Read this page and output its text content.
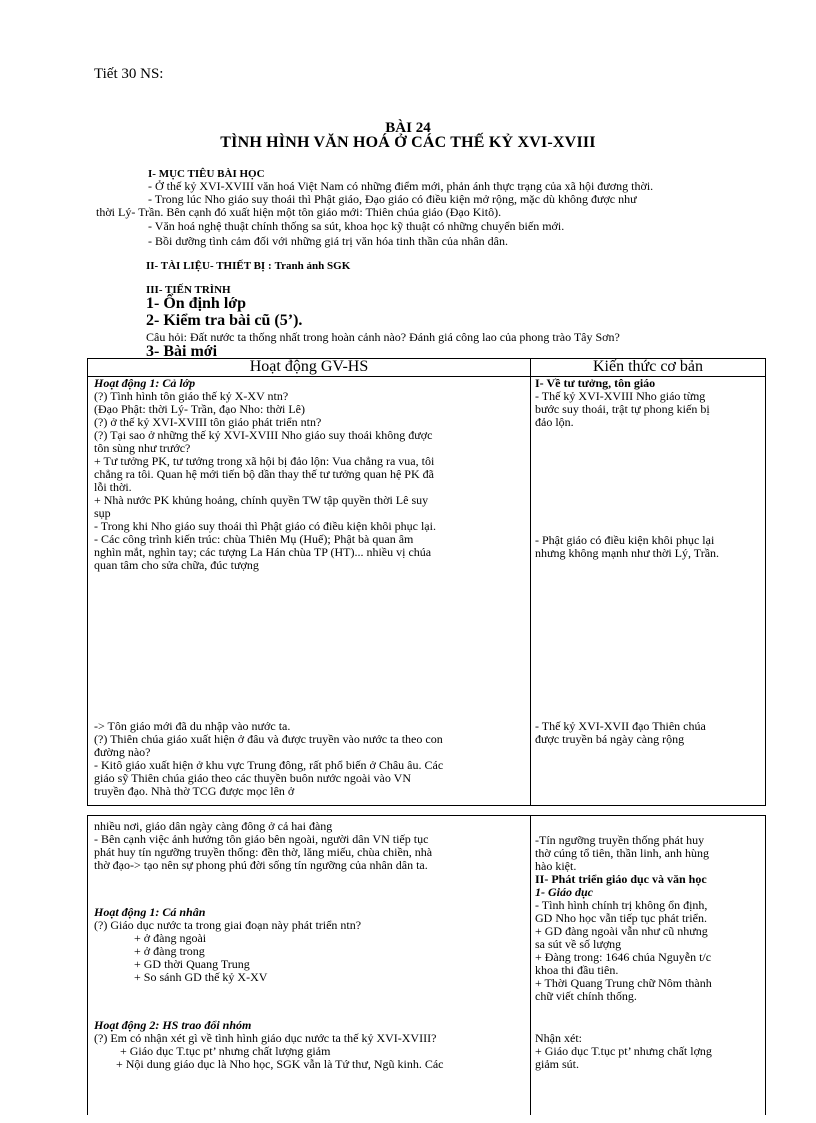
Tiết 30 NS:
BÀI 24
TÌNH HÌNH VĂN HOÁ Ở CÁC THẾ KỶ XVI-XVIII
I- MỤC TIÊU BÀI HỌC
- Ở thế kỷ XVI-XVIII văn hoá Việt Nam có những điểm mới, phản ánh thực trạng của xã hội đương thời.
- Trong lúc Nho giáo suy thoái thì Phật giáo, Đạo giáo có điều kiện mở rộng, mặc dù không được như
thời Lý- Trần. Bên cạnh đó xuất hiện một tôn giáo mới: Thiên chúa giáo (Đạo Kitô).
- Văn hoá nghệ thuật chính thống sa sút, khoa học kỹ thuật có những chuyển biến mới.
- Bồi dưỡng tình cảm đối với những giá trị văn hóa tinh thần của nhân dân.
II- TÀI LIỆU- THIẾT BỊ : Tranh ảnh SGK
III- TIẾN TRÌNH
1- Ổn định lớp
2- Kiểm tra bài cũ (5’).
Câu hỏi: Đất nước ta thống nhất trong hoàn cảnh nào? Đánh giá công lao của phong trào Tây Sơn?
3- Bài mới
Hoạt động GV-HS	Kiến thức cơ bản

Hoạt động 1: Cả lớp

(?) Tình hình tôn giáo thế kỷ X-XV ntn?

(Đạo Phật: thời Lý- Trần, đạo Nho: thời Lê)

(?) ở thế kỷ XVI-XVIII tôn giáo phát triển ntn?

(?) Tại sao ở những thế kỷ XVI-XVIII Nho giáo suy thoái không được

tôn sùng như trước?

+ Tư tưởng PK, tư tưởng trong xã hội bị đảo lộn: Vua chẳng ra vua, tôi

chẳng ra tôi. Quan hệ mới tiến bộ dần thay thế tư tưởng quan hệ PK đã

lỗi thời.

+ Nhà nước PK khủng hoảng, chính quyền TW tập quyền thời Lê suy

sụp

- Trong khi Nho giáo suy thoái thì Phật giáo có điều kiện khôi phục lại.

- Các công trình kiến trúc: chùa Thiên Mụ (Huế); Phật bà quan âm

nghìn mắt, nghìn tay; các tượng La Hán chùa TP (HT)... nhiều vị chúa

quan tâm cho sửa chữa, đúc tượng

-> Tôn giáo mới đã du nhập vào nước ta.

(?) Thiên chúa giáo xuất hiện ở đâu và được truyền vào nước ta theo con

đường nào?

- Kitô giáo xuất hiện ở khu vực Trung đông, rất phổ biến ở Châu âu. Các

giáo sỹ Thiên chúa giáo theo các thuyền buôn nước ngoài vào VN

truyền đạo. Nhà thờ TCG được mọc lên ở

I- Về tư tưởng, tôn giáo

- Thế kỷ XVI-XVIII Nho giáo từng

bước suy thoái, trật tự phong kiến bị

đảo lộn.

- Phật giáo có điều kiện khôi phục lại

nhưng không mạnh như thời Lý, Trần.

- Thế kỷ XVI-XVII đạo Thiên chúa

được truyền bá ngày càng rộng

nhiều nơi, giáo dân ngày càng đông ở cả hai đàng

- Bên cạnh việc ảnh hưởng tôn giáo bên ngoài, người dân VN tiếp tục

phát huy tín ngưỡng truyền thống: đền thờ, lăng miếu, chùa chiền, nhà

thờ đạo-> tạo nên sự phong phú đời sống tín ngưỡng của nhân dân ta.

Hoạt động 1: Cá nhân

(?) Giáo dục nước ta trong giai đoạn này phát triển ntn?

+ ở đàng ngoài

+ ở đàng trong

+ GD thời Quang Trung

+ So sánh GD thế kỷ X-XV

Hoạt động 2: HS trao đổi nhóm

(?) Em có nhận xét gì về tình hình giáo dục nước ta thế kỷ XVI-XVIII?

+ Giáo dục T.tục pt’ nhưng chất lượng giảm

+ Nội dung giáo dục là Nho học, SGK vẫn là Tứ thư, Ngũ kinh. Các

-Tín ngưỡng truyền thống phát huy

thờ cúng tổ tiên, thần linh, anh hùng

hào kiệt.

II- Phát triển giáo dục và văn học

1- Giáo dục

- Tình hình chính trị không ổn định,

GD Nho học vẫn tiếp tục phát triển.

+ GD đàng ngoài vẫn như cũ nhưng

sa sút về số lượng

+ Đàng trong: 1646 chúa Nguyễn t/c

khoa thi đầu tiên.

+ Thời Quang Trung chữ Nôm thành

chữ viết chính thống.

Nhận xét:

+ Giáo dục T.tục pt’ nhưng chất lợng

giảm sút.
